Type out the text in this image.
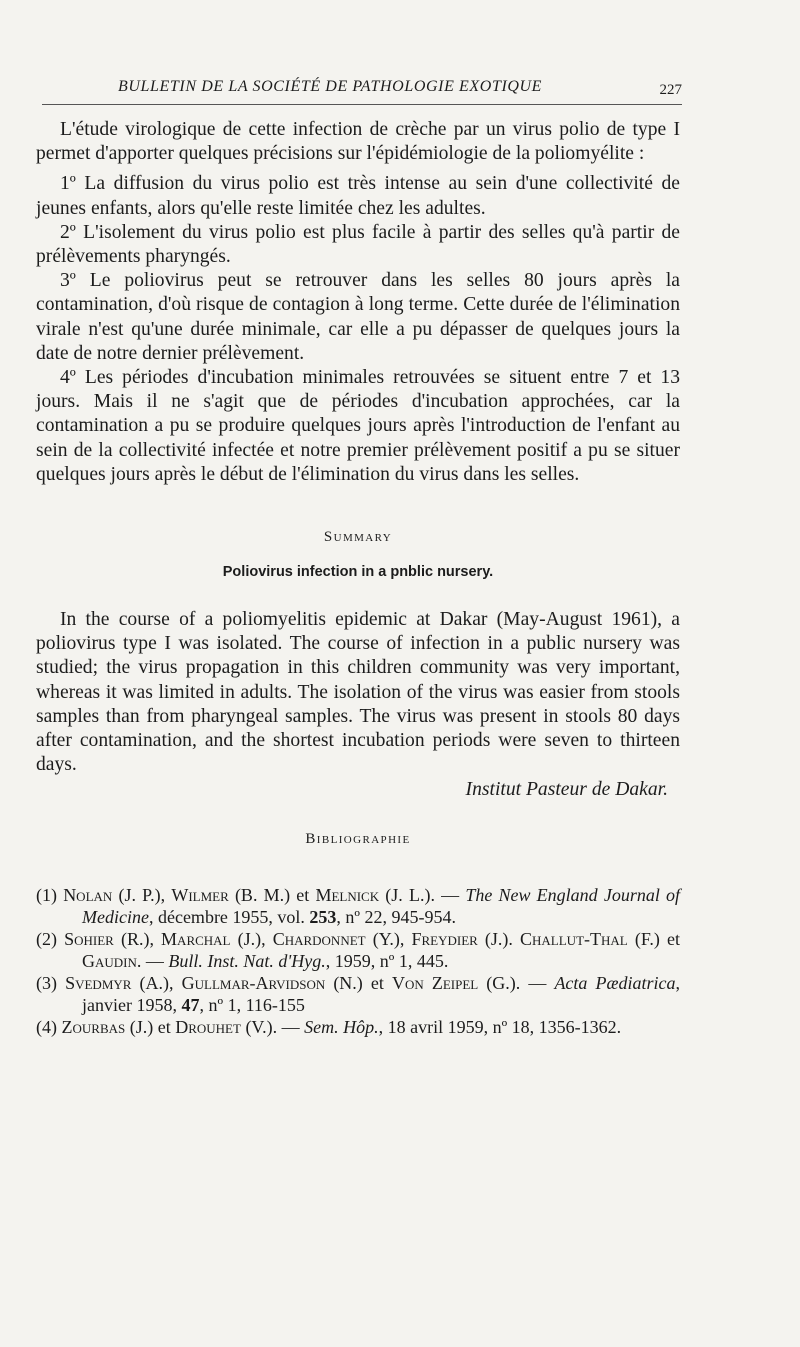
BULLETIN DE LA SOCIÉTÉ DE PATHOLOGIE EXOTIQUE	227

L'étude virologique de cette infection de crèche par un virus polio de type I permet d'apporter quelques précisions sur l'épidémiologie de la poliomyélite :

1º La diffusion du virus polio est très intense au sein d'une collectivité de jeunes enfants, alors qu'elle reste limitée chez les adultes.

2º L'isolement du virus polio est plus facile à partir des selles qu'à partir de prélèvements pharyngés.

3º Le poliovirus peut se retrouver dans les selles 80 jours après la contamination, d'où risque de contagion à long terme. Cette durée de l'élimination virale n'est qu'une durée minimale, car elle a pu dépasser de quelques jours la date de notre dernier prélèvement.

4º Les périodes d'incubation minimales retrouvées se situent entre 7 et 13 jours. Mais il ne s'agit que de périodes d'incubation approchées, car la contamination a pu se produire quelques jours après l'introduction de l'enfant au sein de la collectivité infectée et notre premier prélèvement positif a pu se situer quelques jours après le début de l'élimination du virus dans les selles.

Summary

Poliovirus infection in a pnblic nursery.

In the course of a poliomyelitis epidemic at Dakar (May-August 1961), a poliovirus type I was isolated. The course of infection in a public nursery was studied; the virus propagation in this children community was very important, whereas it was limited in adults. The isolation of the virus was easier from stools samples than from pharyngeal samples. The virus was present in stools 80 days after contamination, and the shortest incubation periods were seven to thirteen days.

Institut Pasteur de Dakar.

Bibliographie

(1) Nolan (J. P.), Wilmer (B. M.) et Melnick (J. L.). — The New England Journal of Medicine, décembre 1955, vol. 253, nº 22, 945-954.

(2) Sohier (R.), Marchal (J.), Chardonnet (Y.), Freydier (J.). Challut-Thal (F.) et Gaudin. — Bull. Inst. Nat. d'Hyg., 1959, nº 1, 445.

(3) Svedmyr (A.), Gullmar-Arvidson (N.) et Von Zeipel (G.). — Acta Pædiatrica, janvier 1958, 47, nº 1, 116-155

(4) Zourbas (J.) et Drouhet (V.). — Sem. Hôp., 18 avril 1959, nº 18, 1356-1362.
